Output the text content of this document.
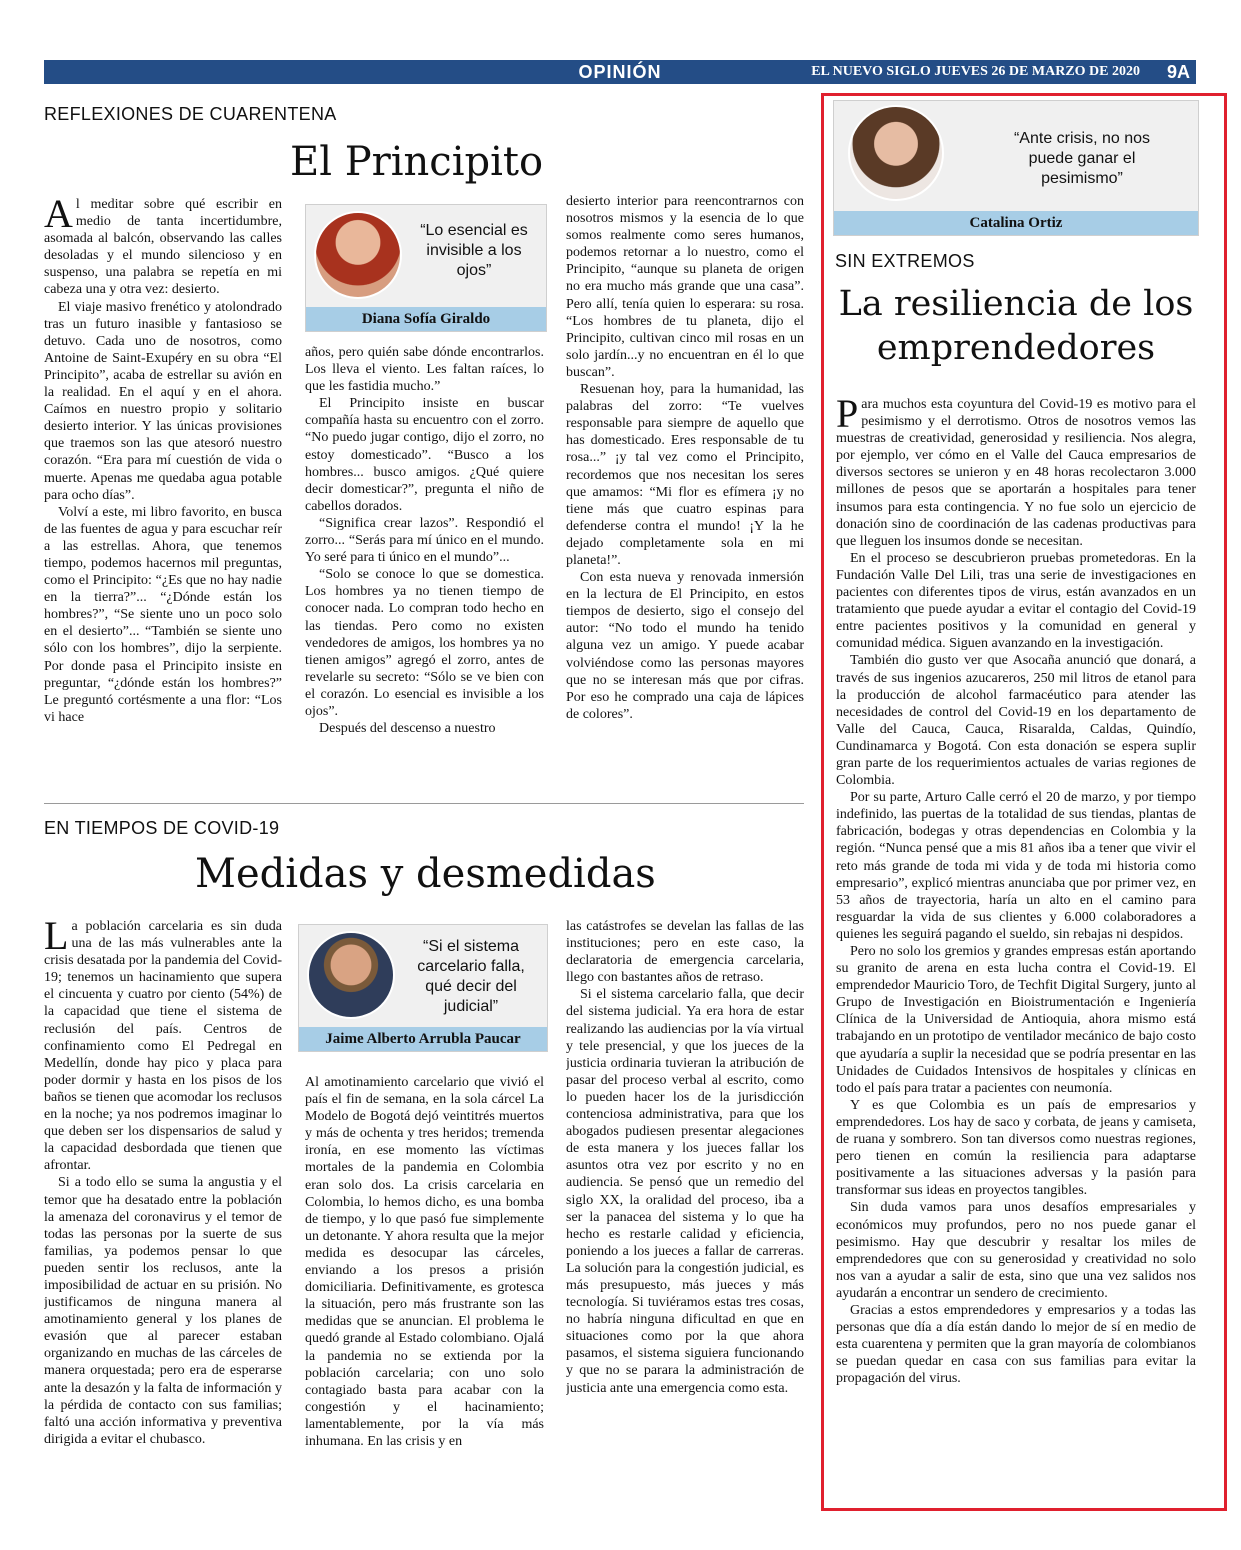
OPINIÓN	EL NUEVO SIGLO JUEVES 26 DE MARZO DE 2020 9A
REFLEXIONES DE CUARENTENA
El Principito

Al meditar sobre qué escribir en medio de tanta incertidumbre, asomada al balcón, observando las calles desoladas y el mundo silencioso y en suspenso, una palabra se repetía en mi cabeza una y otra vez: desierto.

El viaje masivo frenético y atolondrado tras un futuro inasible y fantasioso se detuvo. Cada uno de nosotros, como Antoine de Saint-Exupéry en su obra “El Principito”, acaba de estrellar su avión en la realidad. En el aquí y en el ahora. Caímos en nuestro propio y solitario desierto interior. Y las únicas provisiones que traemos son las que atesoró nuestro corazón. “Era para mí cuestión de vida o muerte. Apenas me quedaba agua potable para ocho días”.

Volví a este, mi libro favorito, en busca de las fuentes de agua y para escuchar reír a las estrellas. Ahora, que tenemos tiempo, podemos hacernos mil preguntas, como el Principito: “¿Es que no hay nadie en la tierra?”... “¿Dónde están los hombres?”, “Se siente uno un poco solo en el desierto”... “También se siente uno sólo con los hombres”, dijo la serpiente. Por donde pasa el Principito insiste en preguntar, “¿dónde están los hombres?” Le preguntó cortésmente a una flor: “Los vi hace

“Lo esencial es invisible a los ojos”
Diana Sofía Giraldo

años, pero quién sabe dónde encontrarlos. Los lleva el viento. Les faltan raíces, lo que les fastidia mucho.”

El Principito insiste en buscar compañía hasta su encuentro con el zorro. “No puedo jugar contigo, dijo el zorro, no estoy domesticado”. “Busco a los hombres... busco amigos. ¿Qué quiere decir domesticar?”, pregunta el niño de cabellos dorados.

“Significa crear lazos”. Respondió el zorro... “Serás para mí único en el mundo. Yo seré para ti único en el mundo”...

“Solo se conoce lo que se domestica. Los hombres ya no tienen tiempo de conocer nada. Lo compran todo hecho en las tiendas. Pero como no existen vendedores de amigos, los hombres ya no tienen amigos” agregó el zorro, antes de revelarle su secreto: “Sólo se ve bien con el corazón. Lo esencial es invisible a los ojos”.

Después del descenso a nuestro

desierto interior para reencontrarnos con nosotros mismos y la esencia de lo que somos realmente como seres humanos, podemos retornar a lo nuestro, como el Principito, “aunque su planeta de origen no era mucho más grande que una casa”. Pero allí, tenía quien lo esperara: su rosa. “Los hombres de tu planeta, dijo el Principito, cultivan cinco mil rosas en un solo jardín...y no encuentran en él lo que buscan”.

Resuenan hoy, para la humanidad, las palabras del zorro: “Te vuelves responsable para siempre de aquello que has domesticado. Eres responsable de tu rosa...” ¡y tal vez como el Principito, recordemos que nos necesitan los seres que amamos: “Mi flor es efímera ¡y no tiene más que cuatro espinas para defenderse contra el mundo! ¡Y la he dejado completamente sola en mi planeta!”.

Con esta nueva y renovada inmersión en la lectura de El Principito, en estos tiempos de desierto, sigo el consejo del autor: “No todo el mundo ha tenido alguna vez un amigo. Y puede acabar volviéndose como las personas mayores que no se interesan más que por cifras. Por eso he comprado una caja de lápices de colores”.

EN TIEMPOS DE COVID-19
Medidas y desmedidas

La población carcelaria es sin duda una de las más vulnerables ante la crisis desatada por la pandemia del Covid-19; tenemos un hacinamiento que supera el cincuenta y cuatro por ciento (54%) de la capacidad que tiene el sistema de reclusión del país. Centros de confinamiento como El Pedregal en Medellín, donde hay pico y placa para poder dormir y hasta en los pisos de los baños se tienen que acomodar los reclusos en la noche; ya nos podremos imaginar lo que deben ser los dispensarios de salud y la capacidad desbordada que tienen que afrontar.

Si a todo ello se suma la angustia y el temor que ha desatado entre la población la amenaza del coronavirus y el temor de todas las personas por la suerte de sus familias, ya podemos pensar lo que pueden sentir los reclusos, ante la imposibilidad de actuar en su prisión. No justificamos de ninguna manera al amotinamiento general y los planes de evasión que al parecer estaban organizando en muchas de las cárceles de manera orquestada; pero era de esperarse ante la desazón y la falta de información y la pérdida de contacto con sus familias; faltó una acción informativa y preventiva dirigida a evitar el chubasco.

“Si el sistema carcelario falla, qué decir del judicial”
Jaime Alberto Arrubla Paucar

Al amotinamiento carcelario que vivió el país el fin de semana, en la sola cárcel La Modelo de Bogotá dejó veintitrés muertos y más de ochenta y tres heridos; tremenda ironía, en ese momento las víctimas mortales de la pandemia en Colombia eran solo dos. La crisis carcelaria en Colombia, lo hemos dicho, es una bomba de tiempo, y lo que pasó fue simplemente un detonante. Y ahora resulta que la mejor medida es desocupar las cárceles, enviando a los presos a prisión domiciliaria. Definitivamente, es grotesca la situación, pero más frustrante son las medidas que se anuncian. El problema le quedó grande al Estado colombiano. Ojalá la pandemia no se extienda por la población carcelaria; con uno solo contagiado basta para acabar con la congestión y el hacinamiento; lamentablemente, por la vía más inhumana. En las crisis y en

las catástrofes se develan las fallas de las instituciones; pero en este caso, la declaratoria de emergencia carcelaria, llego con bastantes años de retraso.

Si el sistema carcelario falla, que decir del sistema judicial. Ya era hora de estar realizando las audiencias por la vía virtual y tele presencial, y que los jueces de la justicia ordinaria tuvieran la atribución de pasar del proceso verbal al escrito, como lo pueden hacer los de la jurisdicción contenciosa administrativa, para que los abogados pudiesen presentar alegaciones de esta manera y los jueces fallar los asuntos otra vez por escrito y no en audiencia. Se pensó que un remedio del siglo XX, la oralidad del proceso, iba a ser la panacea del sistema y lo que ha hecho es restarle calidad y eficiencia, poniendo a los jueces a fallar de carreras. La solución para la congestión judicial, es más presupuesto, más jueces y más tecnología. Si tuviéramos estas tres cosas, no habría ninguna dificultad en que en situaciones como por la que ahora pasamos, el sistema siguiera funcionando y que no se parara la administración de justicia ante una emergencia como esta.

“Ante crisis, no nos puede ganar el pesimismo”
Catalina Ortiz
SIN EXTREMOS
La resiliencia de los
emprendedores

Para muchos esta coyuntura del Covid-19 es motivo para el pesimismo y el derrotismo. Otros de nosotros vemos las muestras de creatividad, generosidad y resiliencia. Nos alegra, por ejemplo, ver cómo en el Valle del Cauca empresarios de diversos sectores se unieron y en 48 horas recolectaron 3.000 millones de pesos que se aportarán a hospitales para tener insumos para esta contingencia. Y no fue solo un ejercicio de donación sino de coordinación de las cadenas productivas para que lleguen los insumos donde se necesitan.

En el proceso se descubrieron pruebas prometedoras. En la Fundación Valle Del Lili, tras una serie de investigaciones en pacientes con diferentes tipos de virus, están avanzados en un tratamiento que puede ayudar a evitar el contagio del Covid-19 entre pacientes positivos y la comunidad en general y comunidad médica. Siguen avanzando en la investigación.

También dio gusto ver que Asocaña anunció que donará, a través de sus ingenios azucareros, 250 mil litros de etanol para la producción de alcohol farmacéutico para atender las necesidades de control del Covid-19 en los departamento de Valle del Cauca, Cauca, Risaralda, Caldas, Quindío, Cundinamarca y Bogotá. Con esta donación se espera suplir gran parte de los requerimientos actuales de varias regiones de Colombia.

Por su parte, Arturo Calle cerró el 20 de marzo, y por tiempo indefinido, las puertas de la totalidad de sus tiendas, plantas de fabricación, bodegas y otras dependencias en Colombia y la región. “Nunca pensé que a mis 81 años iba a tener que vivir el reto más grande de toda mi vida y de toda mi historia como empresario”, explicó mientras anunciaba que por primer vez, en 53 años de trayectoria, haría un alto en el camino para resguardar la vida de sus clientes y 6.000 colaboradores a quienes les seguirá pagando el sueldo, sin rebajas ni despidos.

Pero no solo los gremios y grandes empresas están aportando su granito de arena en esta lucha contra el Covid-19. El emprendedor Mauricio Toro, de Techfit Digital Surgery, junto al Grupo de Investigación en Bioistrumentación e Ingeniería Clínica de la Universidad de Antioquia, ahora mismo está trabajando en un prototipo de ventilador mecánico de bajo costo que ayudaría a suplir la necesidad que se podría presentar en las Unidades de Cuidados Intensivos de hospitales y clínicas en todo el país para tratar a pacientes con neumonía.

Y es que Colombia es un país de empresarios y emprendedores. Los hay de saco y corbata, de jeans y camiseta, de ruana y sombrero. Son tan diversos como nuestras regiones, pero tienen en común la resiliencia para adaptarse positivamente a las situaciones adversas y la pasión para transformar sus ideas en proyectos tangibles.

Sin duda vamos para unos desafíos empresariales y económicos muy profundos, pero no nos puede ganar el pesimismo. Hay que descubrir y resaltar los miles de emprendedores que con su generosidad y creatividad no solo nos van a ayudar a salir de esta, sino que una vez salidos nos ayudarán a encontrar un sendero de crecimiento.

Gracias a estos emprendedores y empresarios y a todas las personas que día a día están dando lo mejor de sí en medio de esta cuarentena y permiten que la gran mayoría de colombianos se puedan quedar en casa con sus familias para evitar la propagación del virus.
